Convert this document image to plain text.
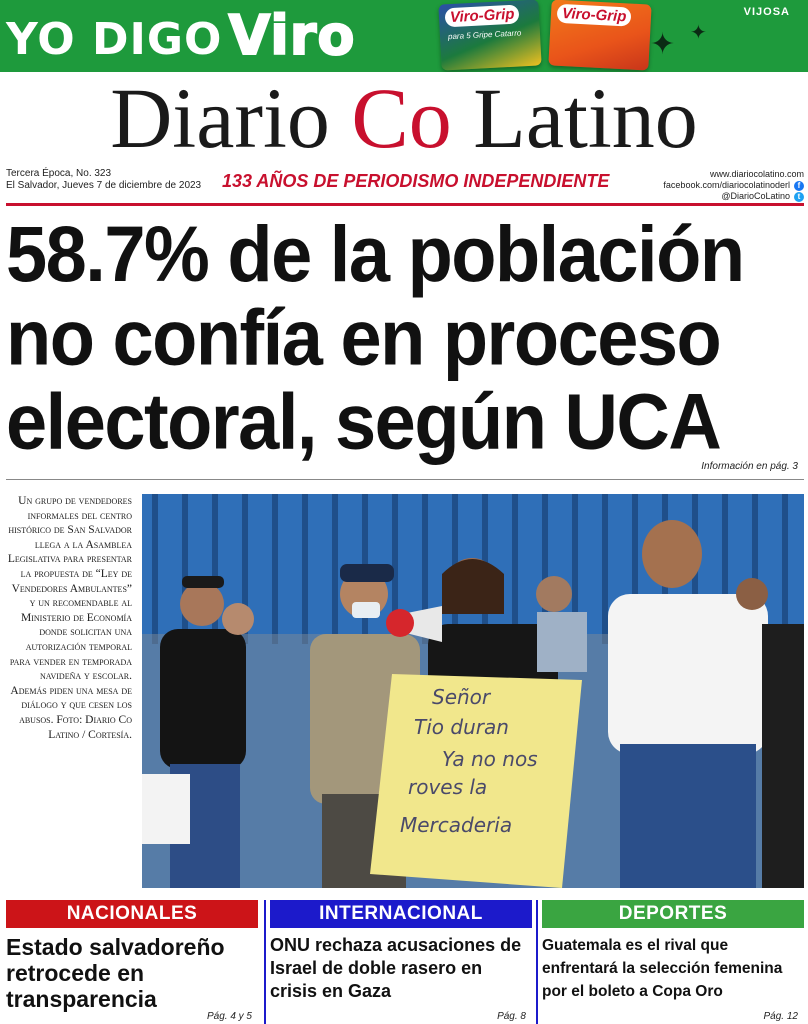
YO DIGO Viro	Viro-Grip
para 5 Gripe Catarro
Viro-Grip
✦ ✦
VIJOSA
Diario Co Latino
Tercera Época, No. 323
El Salvador, Jueves 7 de diciembre de 2023 133 AÑOS DE PERIODISMO INDEPENDIENTE	www.diariocolatino.com
facebook.com/diariocolatinoderl f
@DiarioCoLatino t
58.7% de la población
no confía en proceso
electoral, según UCA
Información en pág. 3
Un grupo de vendedores informales del centro histórico de San Salvador llega a la Asamblea Legislativa para presentar la propuesta de “Ley de Vendedores Ambulantes” y un recomendable al Ministerio de Economía donde solicitan una autorización temporal para vender en temporada navideña y escolar. Además piden una mesa de diálogo y que cesen los abusos. Foto: Diario Co Latino / Cortesía.
Señor Tio duran Ya no nos roves la Mercaderia
NACIONALES
Estado salvadoreño retrocede en transparencia
Pág. 4 y 5
INTERNACIONAL
ONU rechaza acusaciones de Israel de doble rasero en crisis en Gaza
Pág. 8
DEPORTES
Guatemala es el rival que enfrentará la selección femenina por el boleto a Copa Oro
Pág. 12
